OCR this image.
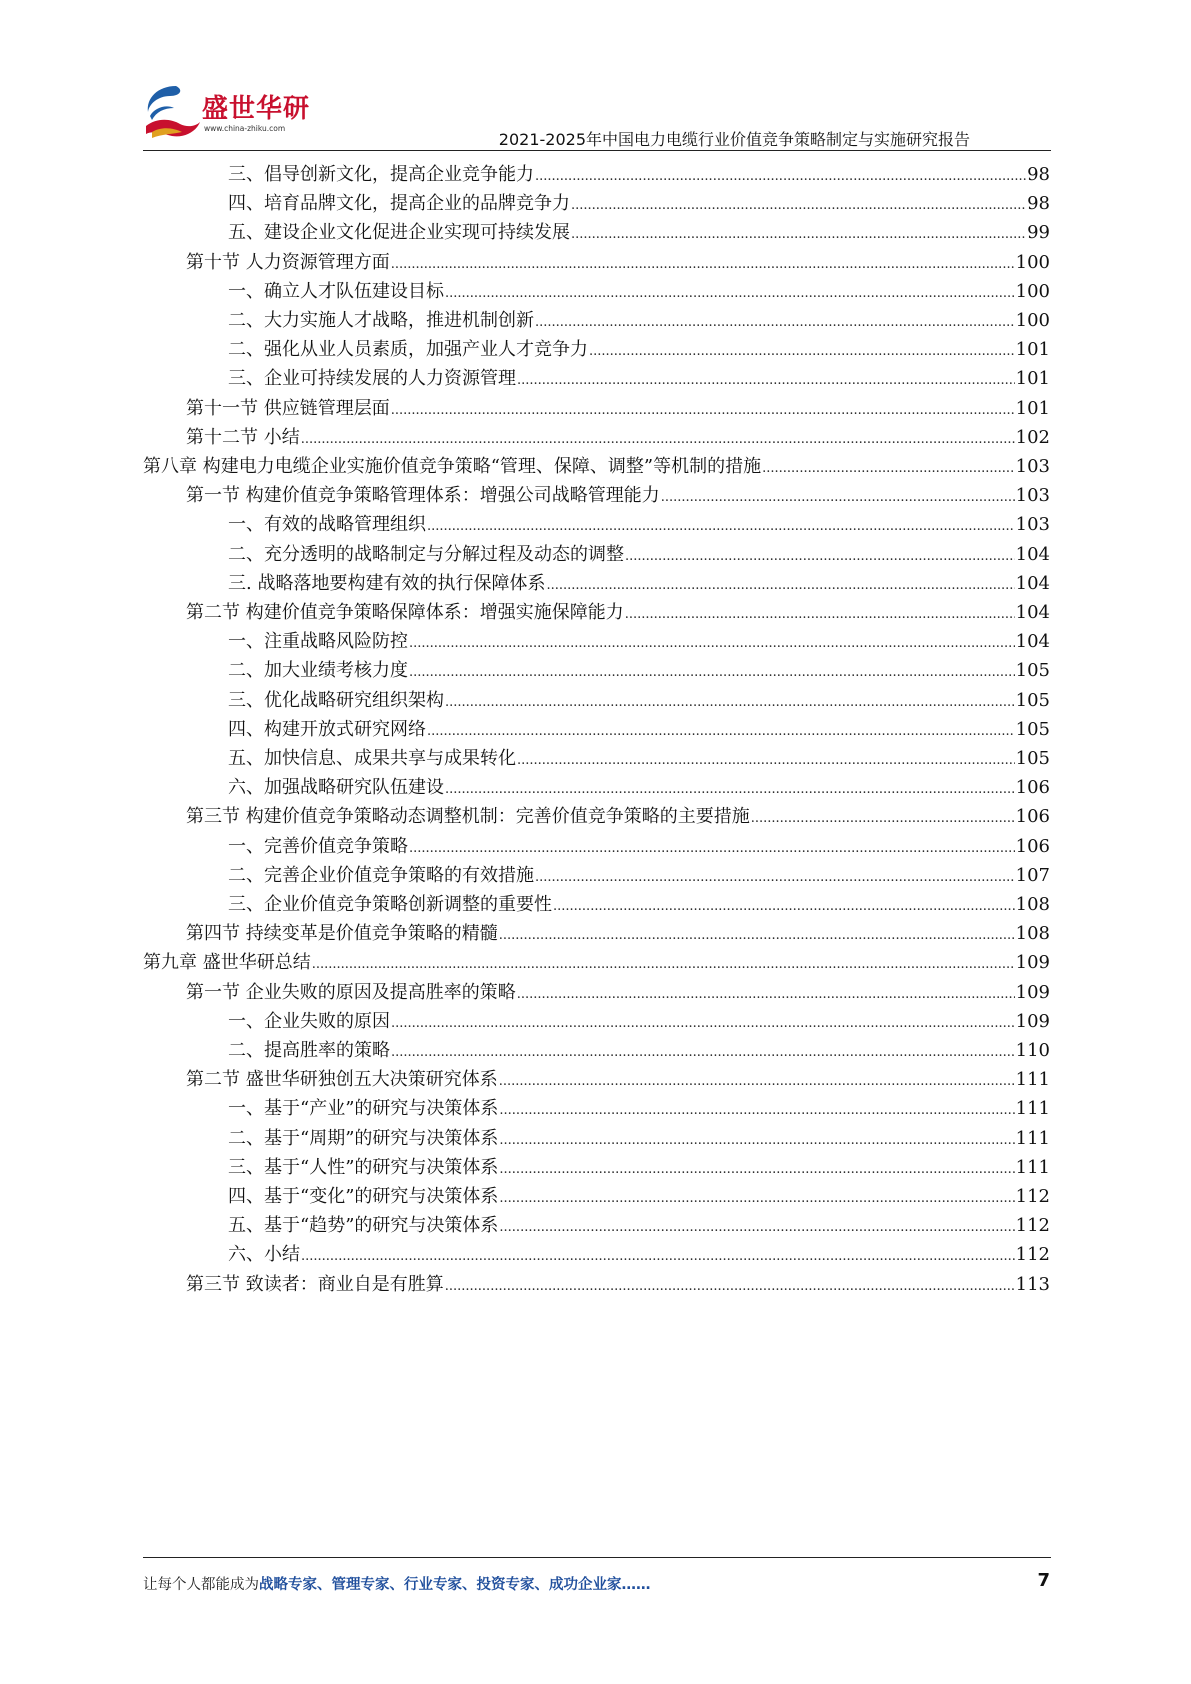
盛世华研
www.china-zhiku.com
2021-2025年中国电力电缆行业价值竞争策略制定与实施研究报告
三、倡导创新文化，提高企业竞争能力 .....	98
四、培育品牌文化，提高企业的品牌竞争力 .....	98
五、建设企业文化促进企业实现可持续发展 .....	99
第十节 人力资源管理方面 .....	100
一、确立人才队伍建设目标 .....	100
二、大力实施人才战略，推进机制创新 .....	100
二、强化从业人员素质，加强产业人才竞争力 .....	101
三、企业可持续发展的人力资源管理 .....	101
第十一节 供应链管理层面 .....	101
第十二节 小结 .....	102
第八章 构建电力电缆企业实施价值竞争策略“管理、保障、调整”等机制的措施 .....	103
第一节 构建价值竞争策略管理体系：增强公司战略管理能力 .....	103
一、有效的战略管理组织 .....	103
二、充分透明的战略制定与分解过程及动态的调整 .....	104
三. 战略落地要构建有效的执行保障体系 .....	104
第二节 构建价值竞争策略保障体系：增强实施保障能力 .....	104
一、注重战略风险防控 .....	104
二、加大业绩考核力度 .....	105
三、优化战略研究组织架构 .....	105
四、构建开放式研究网络 .....	105
五、加快信息、成果共享与成果转化 .....	105
六、加强战略研究队伍建设 .....	106
第三节 构建价值竞争策略动态调整机制：完善价值竞争策略的主要措施 .....	106
一、完善价值竞争策略 .....	106
二、完善企业价值竞争策略的有效措施 .....	107
三、企业价值竞争策略创新调整的重要性 .....	108
第四节 持续变革是价值竞争策略的精髓 .....	108
第九章 盛世华研总结 .....	109
第一节 企业失败的原因及提高胜率的策略 .....	109
一、企业失败的原因 .....	109
二、提高胜率的策略 .....	110
第二节 盛世华研独创五大决策研究体系 .....	111
一、基于“产业”的研究与决策体系 .....	111
二、基于“周期”的研究与决策体系 .....	111
三、基于“人性”的研究与决策体系 .....	111
四、基于“变化”的研究与决策体系 .....	112
五、基于“趋势”的研究与决策体系 .....	112
六、小结 .....	112
第三节 致读者：商业自是有胜算 .....	113
让每个人都能成为战略专家、管理专家、行业专家、投资专家、成功企业家……	7
